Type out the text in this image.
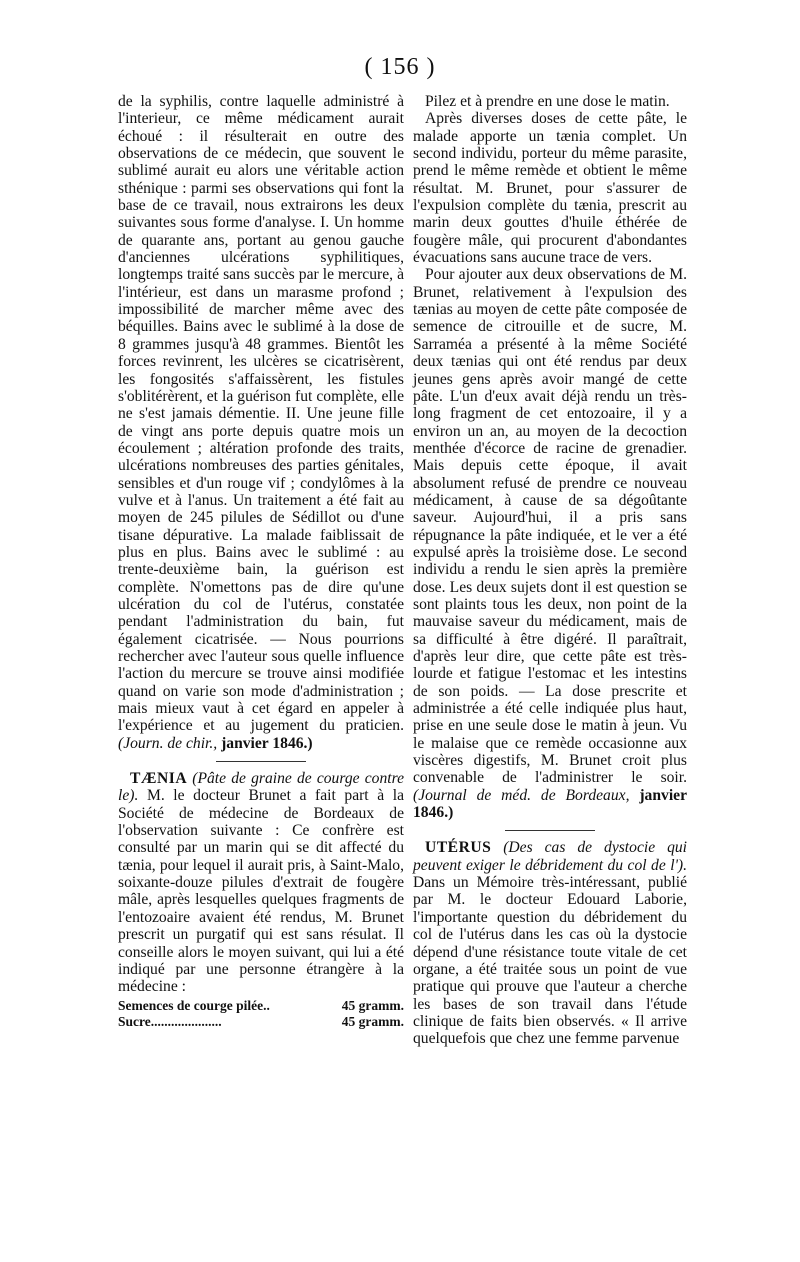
( 156 )

de la syphilis, contre laquelle administré à l'interieur, ce même médicament aurait échoué : il résulterait en outre des observations de ce médecin, que souvent le sublimé aurait eu alors une véritable action sthénique : parmi ses observations qui font la base de ce travail, nous extrairons les deux suivantes sous forme d'analyse. I. Un homme de quarante ans, portant au genou gauche d'anciennes ulcérations syphilitiques, longtemps traité sans succès par le mercure, à l'intérieur, est dans un marasme profond ; impossibilité de marcher même avec des béquilles. Bains avec le sublimé à la dose de 8 grammes jusqu'à 48 grammes. Bientôt les forces revinrent, les ulcères se cicatrisèrent, les fongosités s'affaissèrent, les fistules s'oblitérèrent, et la guérison fut complète, elle ne s'est jamais démentie. II. Une jeune fille de vingt ans porte depuis quatre mois un écoulement ; altération profonde des traits, ulcérations nombreuses des parties génitales, sensibles et d'un rouge vif ; condylômes à la vulve et à l'anus. Un traitement a été fait au moyen de 245 pilules de Sédillot ou d'une tisane dépurative. La malade faiblissait de plus en plus. Bains avec le sublimé : au trente-deuxième bain, la guérison est complète. N'omettons pas de dire qu'une ulcération du col de l'utérus, constatée pendant l'administration du bain, fut également cicatrisée. — Nous pourrions rechercher avec l'auteur sous quelle influence l'action du mercure se trouve ainsi modifiée quand on varie son mode d'administration ; mais mieux vaut à cet égard en appeler à l'expérience et au jugement du praticien. (Journ. de chir., janvier 1846.)

TÆNIA (Pâte de graine de courge contre le). M. le docteur Brunet a fait part à la Société de médecine de Bordeaux de l'observation suivante : Ce confrère est consulté par un marin qui se dit affecté du tænia, pour lequel il aurait pris, à Saint-Malo, soixante-douze pilules d'extrait de fougère mâle, après lesquelles quelques fragments de l'entozoaire avaient été rendus, M. Brunet prescrit un purgatif qui est sans résulat. Il conseille alors le moyen suivant, qui lui a été indiqué par une personne étrangère à la médecine :

Semences de courge pilée..	45 gramm.
Sucre.....................	45 gramm.

Pilez et à prendre en une dose le matin.

Après diverses doses de cette pâte, le malade apporte un tænia complet. Un second individu, porteur du même parasite, prend le même remède et obtient le même résultat. M. Brunet, pour s'assurer de l'expulsion complète du tænia, prescrit au marin deux gouttes d'huile éthérée de fougère mâle, qui procurent d'abondantes évacuations sans aucune trace de vers.

Pour ajouter aux deux observations de M. Brunet, relativement à l'expulsion des tænias au moyen de cette pâte composée de semence de citrouille et de sucre, M. Sarraméa a présenté à la même Société deux tænias qui ont été rendus par deux jeunes gens après avoir mangé de cette pâte. L'un d'eux avait déjà rendu un très-long fragment de cet entozoaire, il y a environ un an, au moyen de la decoction menthée d'écorce de racine de grenadier. Mais depuis cette époque, il avait absolument refusé de prendre ce nouveau médicament, à cause de sa dégoûtante saveur. Aujourd'hui, il a pris sans répugnance la pâte indiquée, et le ver a été expulsé après la troisième dose. Le second individu a rendu le sien après la première dose. Les deux sujets dont il est question se sont plaints tous les deux, non point de la mauvaise saveur du médicament, mais de sa difficulté à être digéré. Il paraîtrait, d'après leur dire, que cette pâte est très-lourde et fatigue l'estomac et les intestins de son poids. — La dose prescrite et administrée a été celle indiquée plus haut, prise en une seule dose le matin à jeun. Vu le malaise que ce remède occasionne aux viscères digestifs, M. Brunet croit plus convenable de l'administrer le soir. (Journal de méd. de Bordeaux, janvier 1846.)

UTÉRUS (Des cas de dystocie qui peuvent exiger le débridement du col de l'). Dans un Mémoire très-intéressant, publié par M. le docteur Edouard Laborie, l'importante question du débridement du col de l'utérus dans les cas où la dystocie dépend d'une résistance toute vitale de cet organe, a été traitée sous un point de vue pratique qui prouve que l'auteur a cherche les bases de son travail dans l'étude clinique de faits bien observés. « Il arrive quelquefois que chez une femme parvenue
